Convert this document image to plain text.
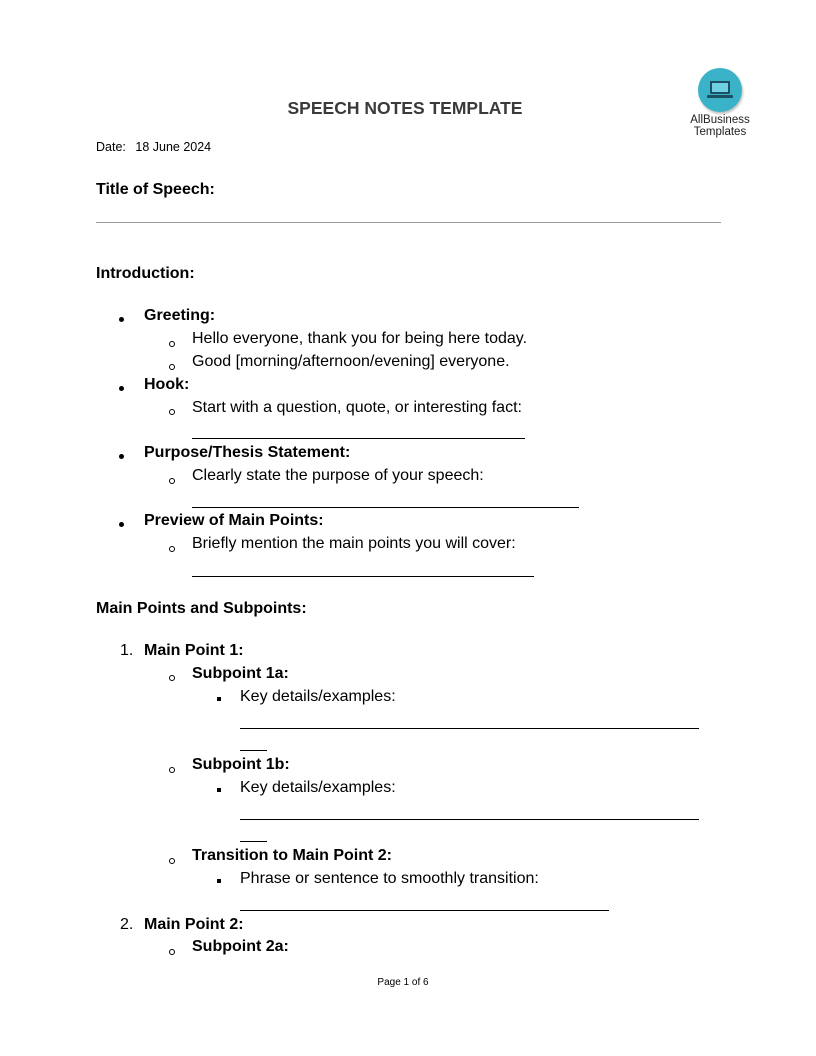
AllBusiness
Templates
SPEECH NOTES TEMPLATE
Date: 18 June 2024
Title of Speech:
Introduction:
Greeting:
Hello everyone, thank you for being here today.
Good [morning/afternoon/evening] everyone.
Hook:
Start with a question, quote, or interesting fact:
Purpose/Thesis Statement:
Clearly state the purpose of your speech:
Preview of Main Points:
Briefly mention the main points you will cover:
Main Points and Subpoints:
1. Main Point 1:
Subpoint 1a:
Key details/examples:
Subpoint 1b:
Key details/examples:
Transition to Main Point 2:
Phrase or sentence to smoothly transition:
2. Main Point 2:
Subpoint 2a:
Page 1 of 6
